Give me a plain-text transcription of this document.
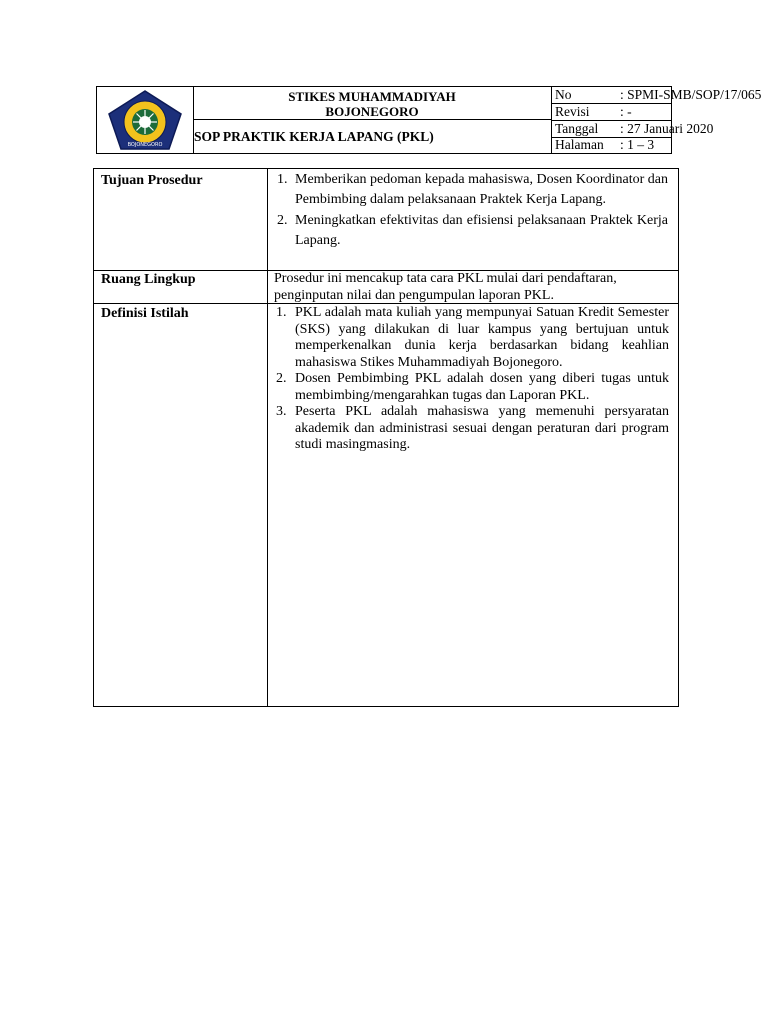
BOJONEGORO
STIKES MUHAMMADIYAH
BOJONEGORO
SOP PRAKTIK KERJA LAPANG (PKL)
No	: SPMI-SMB/SOP/17/065
Revisi : -
Tanggal : 27 Januari 2020
Halaman : 1 – 3
Tujuan Prosedur	1. Memberikan pedoman kepada mahasiswa, Dosen Koordinator dan Pembimbing dalam pelaksanaan Praktek Kerja Lapang.
2. Meningkatkan efektivitas dan efisiensi pelaksanaan Praktek Kerja Lapang.
Ruang Lingkup	Prosedur ini mencakup tata cara PKL mulai dari pendaftaran, penginputan nilai dan pengumpulan laporan PKL.
Definisi Istilah	1. PKL adalah mata kuliah yang mempunyai Satuan Kredit Semester (SKS) yang dilakukan di luar kampus yang bertujuan untuk memperkenalkan dunia kerja berdasarkan bidang keahlian mahasiswa Stikes Muhammadiyah Bojonegoro.
2. Dosen Pembimbing PKL adalah dosen yang diberi tugas untuk membimbing/mengarahkan tugas dan Laporan PKL.
3. Peserta PKL adalah mahasiswa yang memenuhi persyaratan akademik dan administrasi sesuai dengan peraturan dari program studi masingmasing.
